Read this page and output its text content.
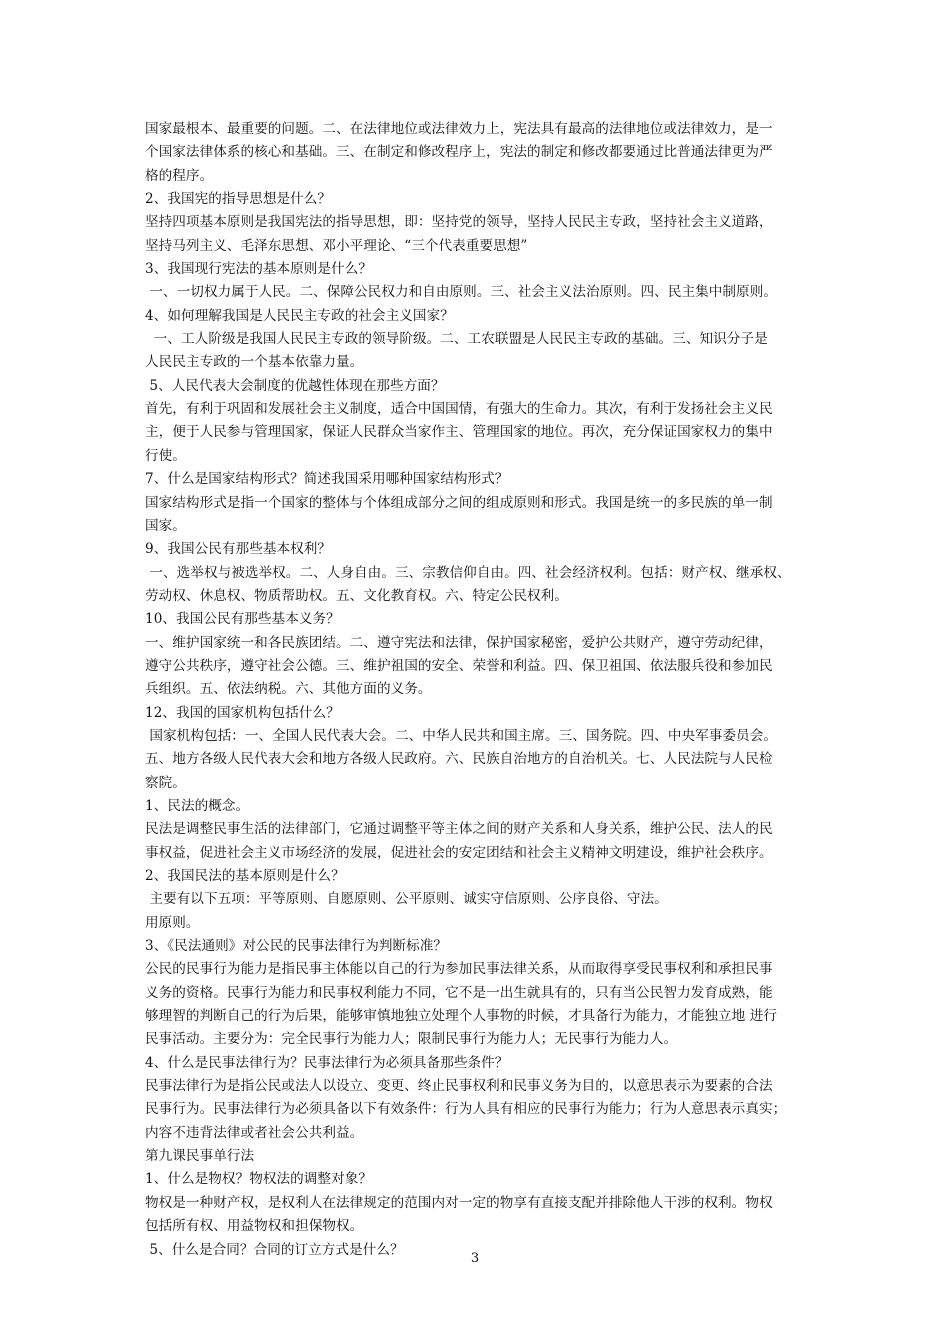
国家最根本、最重要的问题。二、在法律地位或法律效力上，宪法具有最高的法律地位或法律效力，是一
个国家法律体系的核心和基础。三、在制定和修改程序上，宪法的制定和修改都要通过比普通法律更为严
格的程序。
2、我国宪的指导思想是什么？
坚持四项基本原则是我国宪法的指导思想，即：坚持党的领导，坚持人民民主专政，坚持社会主义道路，
坚持马列主义、毛泽东思想、邓小平理论、“三个代表重要思想”
3、我国现行宪法的基本原则是什么？
一、一切权力属于人民。二、保障公民权力和自由原则。三、社会主义法治原则。四、民主集中制原则。
4、如何理解我国是人民民主专政的社会主义国家？
一、工人阶级是我国人民民主专政的领导阶级。二、工农联盟是人民民主专政的基础。三、知识分子是
人民民主专政的一个基本依靠力量。
5、人民代表大会制度的优越性体现在那些方面？
首先，有利于巩固和发展社会主义制度，适合中国国情，有强大的生命力。其次，有利于发扬社会主义民
主，便于人民参与管理国家，保证人民群众当家作主、管理国家的地位。再次，充分保证国家权力的集中
行使。
7、什么是国家结构形式？简述我国采用哪种国家结构形式？
国家结构形式是指一个国家的整体与个体组成部分之间的组成原则和形式。我国是统一的多民族的单一制
国家。
9、我国公民有那些基本权利？
一、选举权与被选举权。二、人身自由。三、宗教信仰自由。四、社会经济权利。包括：财产权、继承权、
劳动权、休息权、物质帮助权。五、文化教育权。六、特定公民权利。
10、我国公民有那些基本义务？
一、维护国家统一和各民族团结。二、遵守宪法和法律，保护国家秘密，爱护公共财产，遵守劳动纪律，
遵守公共秩序，遵守社会公德。三、维护祖国的安全、荣誉和利益。四、保卫祖国、依法服兵役和参加民
兵组织。五、依法纳税。六、其他方面的义务。
12、我国的国家机构包括什么？
国家机构包括：一、全国人民代表大会。二、中华人民共和国主席。三、国务院。四、中央军事委员会。
五、地方各级人民代表大会和地方各级人民政府。六、民族自治地方的自治机关。七、人民法院与人民检
察院。
1、民法的概念。
民法是调整民事生活的法律部门，它通过调整平等主体之间的财产关系和人身关系，维护公民、法人的民
事权益，促进社会主义市场经济的发展，促进社会的安定团结和社会主义精神文明建设，维护社会秩序。
2、我国民法的基本原则是什么？
主要有以下五项：平等原则、自愿原则、公平原则、诚实守信原则、公序良俗、守法。
用原则。
3、《民法通则》对公民的民事法律行为判断标准？
公民的民事行为能力是指民事主体能以自己的行为参加民事法律关系，从而取得享受民事权利和承担民事
义务的资格。民事行为能力和民事权利能力不同，它不是一出生就具有的，只有当公民智力发育成熟，能
够理智的判断自己的行为后果，能够审慎地独立处理个人事物的时候，才具备行为能力，才能独立地 进行
民事活动。主要分为：完全民事行为能力人；限制民事行为能力人；无民事行为能力人。
4、什么是民事法律行为？民事法律行为必须具备那些条件？
民事法律行为是指公民或法人以设立、变更、终止民事权利和民事义务为目的，以意思表示为要素的合法
民事行为。民事法律行为必须具备以下有效条件：行为人具有相应的民事行为能力；行为人意思表示真实；
内容不违背法律或者社会公共利益。
第九课民事单行法
1、什么是物权？物权法的调整对象？
物权是一种财产权，是权利人在法律规定的范围内对一定的物享有直接支配并排除他人干涉的权利。物权
包括所有权、用益物权和担保物权。
5、什么是合同？合同的订立方式是什么？
3
